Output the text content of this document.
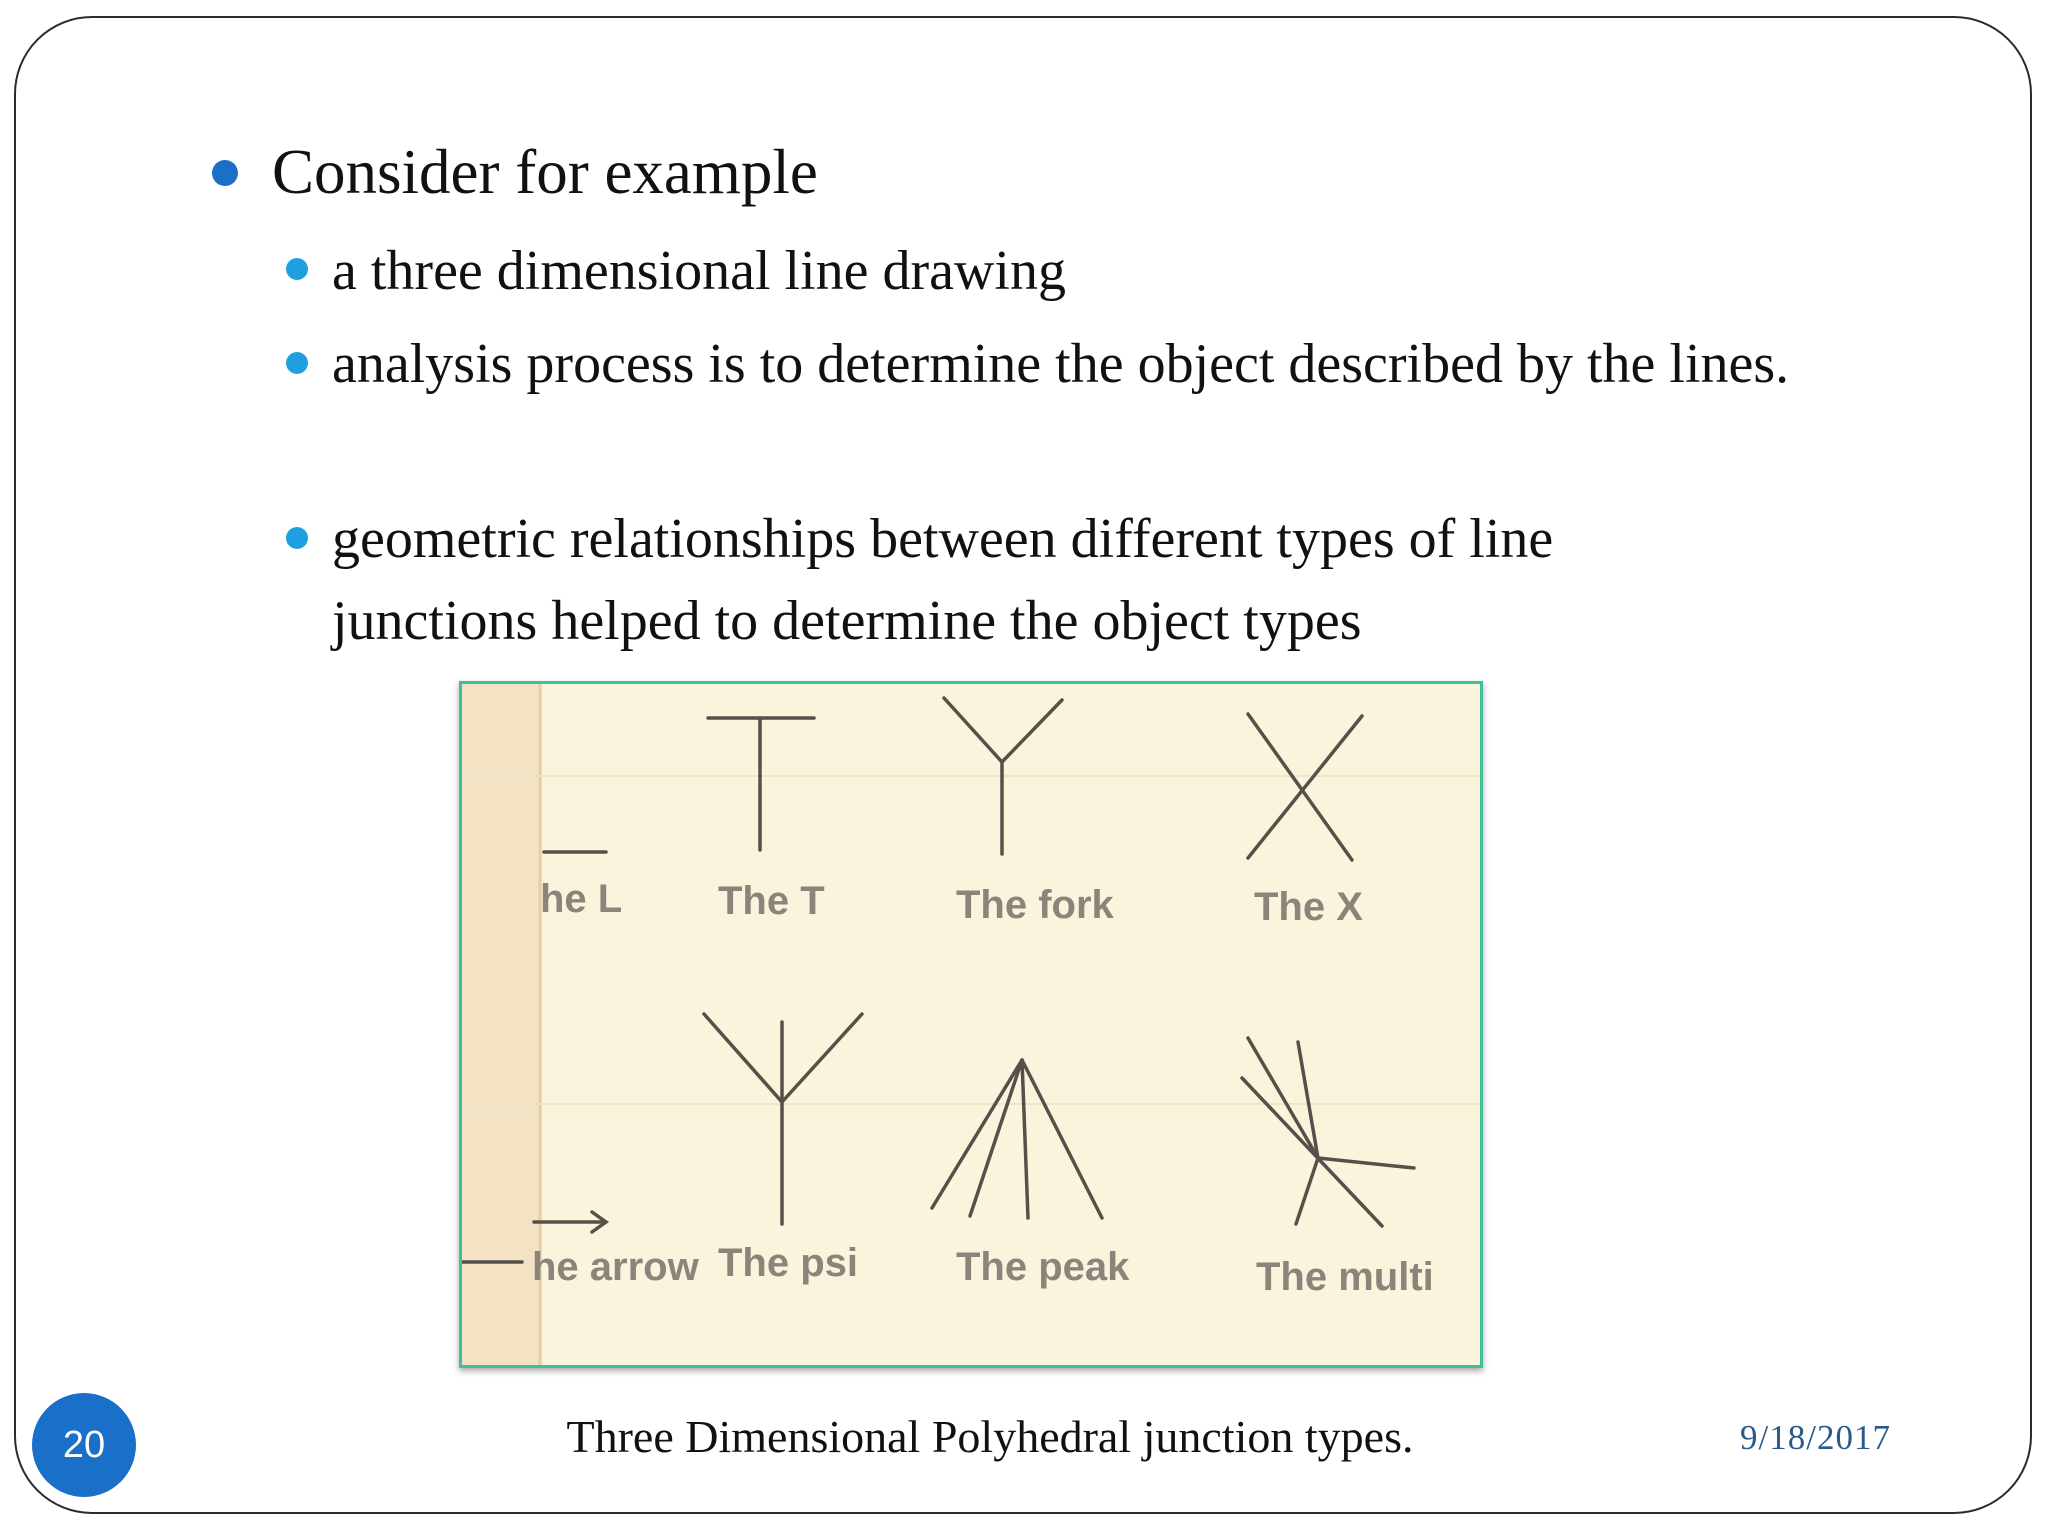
Consider for example
a three dimensional line drawing
analysis process is to determine the object described by the lines.
geometric relationships between different types of line junctions helped to determine the object types
he L The T	The fork	The X
he arrow The psi The peak	The multi
Three Dimensional Polyhedral junction types.	9/18/2017
20
